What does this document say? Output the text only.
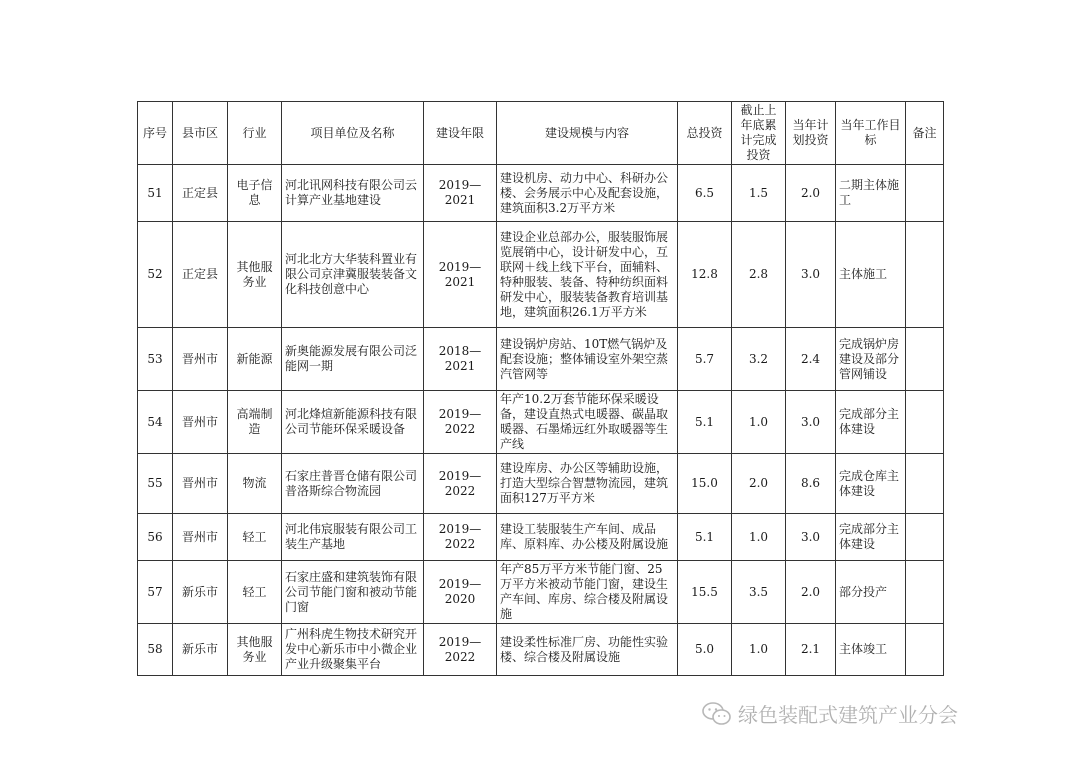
序号	县市区	行业	项目单位及名称	建设年限	建设规模与内容	总投资	截止上年底累计完成投资	当年计划投资	当年工作目标	备注
51	正定县	电子信息	河北讯网科技有限公司云计算产业基地建设	2019—2021	建设机房、动力中心、科研办公楼、会务展示中心及配套设施，建筑面积3.2万平方米	6.5	1.5	2.0	二期主体施工	
52	正定县	其他服务业	河北北方大华装科置业有限公司京津冀服装装备文化科技创意中心	2019—2021	建设企业总部办公，服装服饰展览展销中心，设计研发中心，互联网＋线上线下平台，面辅料、特种服装、装备、特种纺织面料研发中心，服装装备教育培训基地，建筑面积26.1万平方米	12.8	2.8	3.0	主体施工	
53	晋州市	新能源	新奥能源发展有限公司泛能网一期	2018—2021	建设锅炉房站、10T燃气锅炉及配套设施；整体铺设室外架空蒸汽管网等	5.7	3.2	2.4	完成锅炉房建设及部分管网铺设	
54	晋州市	高端制造	河北烽煊新能源科技有限公司节能环保采暖设备	2019—2022	年产10.2万套节能环保采暖设备，建设直热式电暖器、碳晶取暖器、石墨烯远红外取暖器等生产线	5.1	1.0	3.0	完成部分主体建设	
55	晋州市	物流	石家庄普晋仓储有限公司普洛斯综合物流园	2019—2022	建设库房、办公区等辅助设施，打造大型综合智慧物流园，建筑面积127万平方米	15.0	2.0	8.6	完成仓库主体建设	
56	晋州市	轻工	河北伟宸服装有限公司工装生产基地	2019—2022	建设工装服装生产车间、成品库、原料库、办公楼及附属设施	5.1	1.0	3.0	完成部分主体建设	
57	新乐市	轻工	石家庄盛和建筑装饰有限公司节能门窗和被动节能门窗	2019—2020	年产85万平方米节能门窗、25万平方米被动节能门窗，建设生产车间、库房、综合楼及附属设施	15.5	3.5	2.0	部分投产	
58	新乐市	其他服务业	广州科虎生物技术研究开发中心新乐市中小微企业产业升级聚集平台	2019—2022	建设柔性标准厂房、功能性实验楼、综合楼及附属设施	5.0	1.0	2.1	主体竣工	
绿色装配式建筑产业分会
